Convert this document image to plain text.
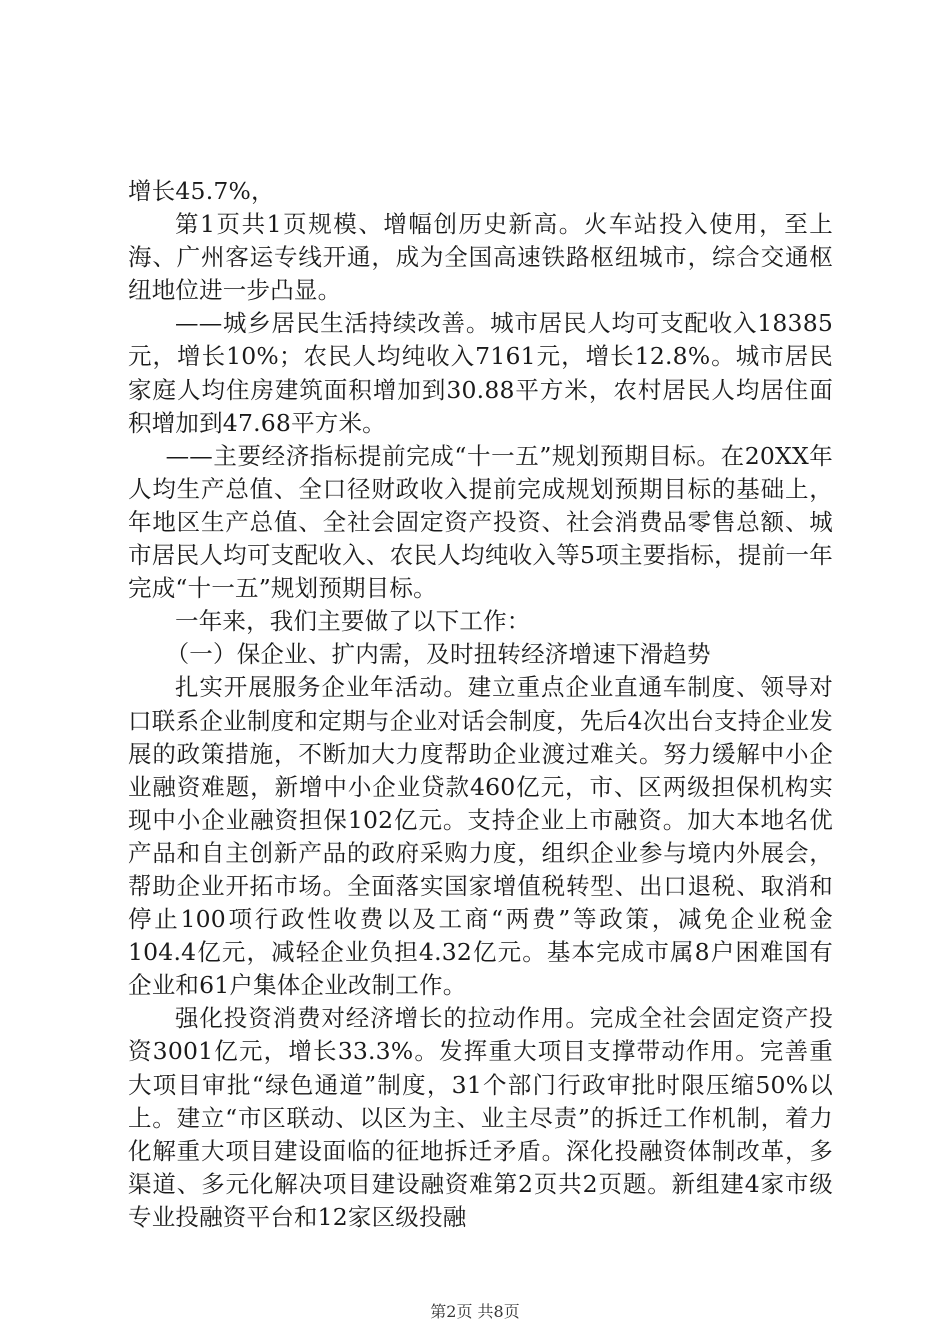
增长45.7%，

第1页共1页规模、增幅创历史新高。火车站投入使用，至上海、广州客运专线开通，成为全国高速铁路枢纽城市，综合交通枢纽地位进一步凸显。

——城乡居民生活持续改善。城市居民人均可支配收入18385元，增长10%；农民人均纯收入7161元，增长12.8%。城市居民家庭人均住房建筑面积增加到30.88平方米，农村居民人均居住面积增加到47.68平方米。

——主要经济指标提前完成“十一五”规划预期目标。在20XX年人均生产总值、全口径财政收入提前完成规划预期目标的基础上，年地区生产总值、全社会固定资产投资、社会消费品零售总额、城市居民人均可支配收入、农民人均纯收入等5项主要指标，提前一年完成“十一五”规划预期目标。

一年来，我们主要做了以下工作：

（一）保企业、扩内需，及时扭转经济增速下滑趋势

扎实开展服务企业年活动。建立重点企业直通车制度、领导对口联系企业制度和定期与企业对话会制度，先后4次出台支持企业发展的政策措施，不断加大力度帮助企业渡过难关。努力缓解中小企业融资难题，新增中小企业贷款460亿元，市、区两级担保机构实现中小企业融资担保102亿元。支持企业上市融资。加大本地名优产品和自主创新产品的政府采购力度，组织企业参与境内外展会，帮助企业开拓市场。全面落实国家增值税转型、出口退税、取消和停止100项行政性收费以及工商“两费”等政策，减免企业税金104.4亿元，减轻企业负担4.32亿元。基本完成市属8户困难国有企业和61户集体企业改制工作。

强化投资消费对经济增长的拉动作用。完成全社会固定资产投资3001亿元，增长33.3%。发挥重大项目支撑带动作用。完善重大项目审批“绿色通道”制度，31个部门行政审批时限压缩50%以上。建立“市区联动、以区为主、业主尽责”的拆迁工作机制，着力化解重大项目建设面临的征地拆迁矛盾。深化投融资体制改革，多渠道、多元化解决项目建设融资难第2页共2页题。新组建4家市级专业投融资平台和12家区级投融

第2页 共8页
